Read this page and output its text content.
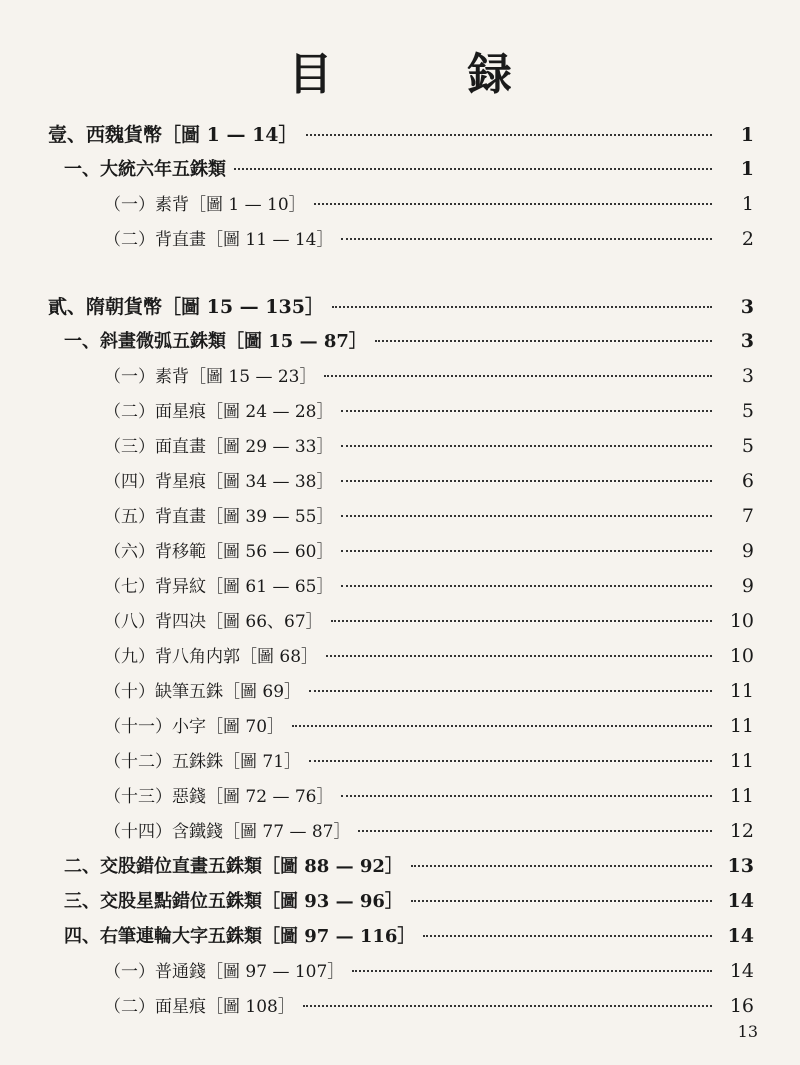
目 録
壹、西魏貨幣［圖 1 — 14］	1
一、大統六年五銖類	1
（一）素背［圖 1 — 10］	1
（二）背直畫［圖 11 — 14］	2
貳、隋朝貨幣［圖 15 — 135］	3
一、斜畫微弧五銖類［圖 15 — 87］	3
（一）素背［圖 15 — 23］	3
（二）面星痕［圖 24 — 28］	5
（三）面直畫［圖 29 — 33］	5
（四）背星痕［圖 34 — 38］	6
（五）背直畫［圖 39 — 55］	7
（六）背移範［圖 56 — 60］	9
（七）背异紋［圖 61 — 65］	9
（八）背四决［圖 66、67］	10
（九）背八角内郭［圖 68］	10
（十）缺筆五銖［圖 69］	11
（十一）小字［圖 70］	11
（十二）五銖銖［圖 71］	11
（十三）惡錢［圖 72 — 76］	11
（十四）含鐵錢［圖 77 — 87］	12
二、交股錯位直畫五銖類［圖 88 — 92］	13
三、交股星點錯位五銖類［圖 93 — 96］	14
四、右筆連輪大字五銖類［圖 97 — 116］	14
（一）普通錢［圖 97 — 107］	14
（二）面星痕［圖 108］	16
13
